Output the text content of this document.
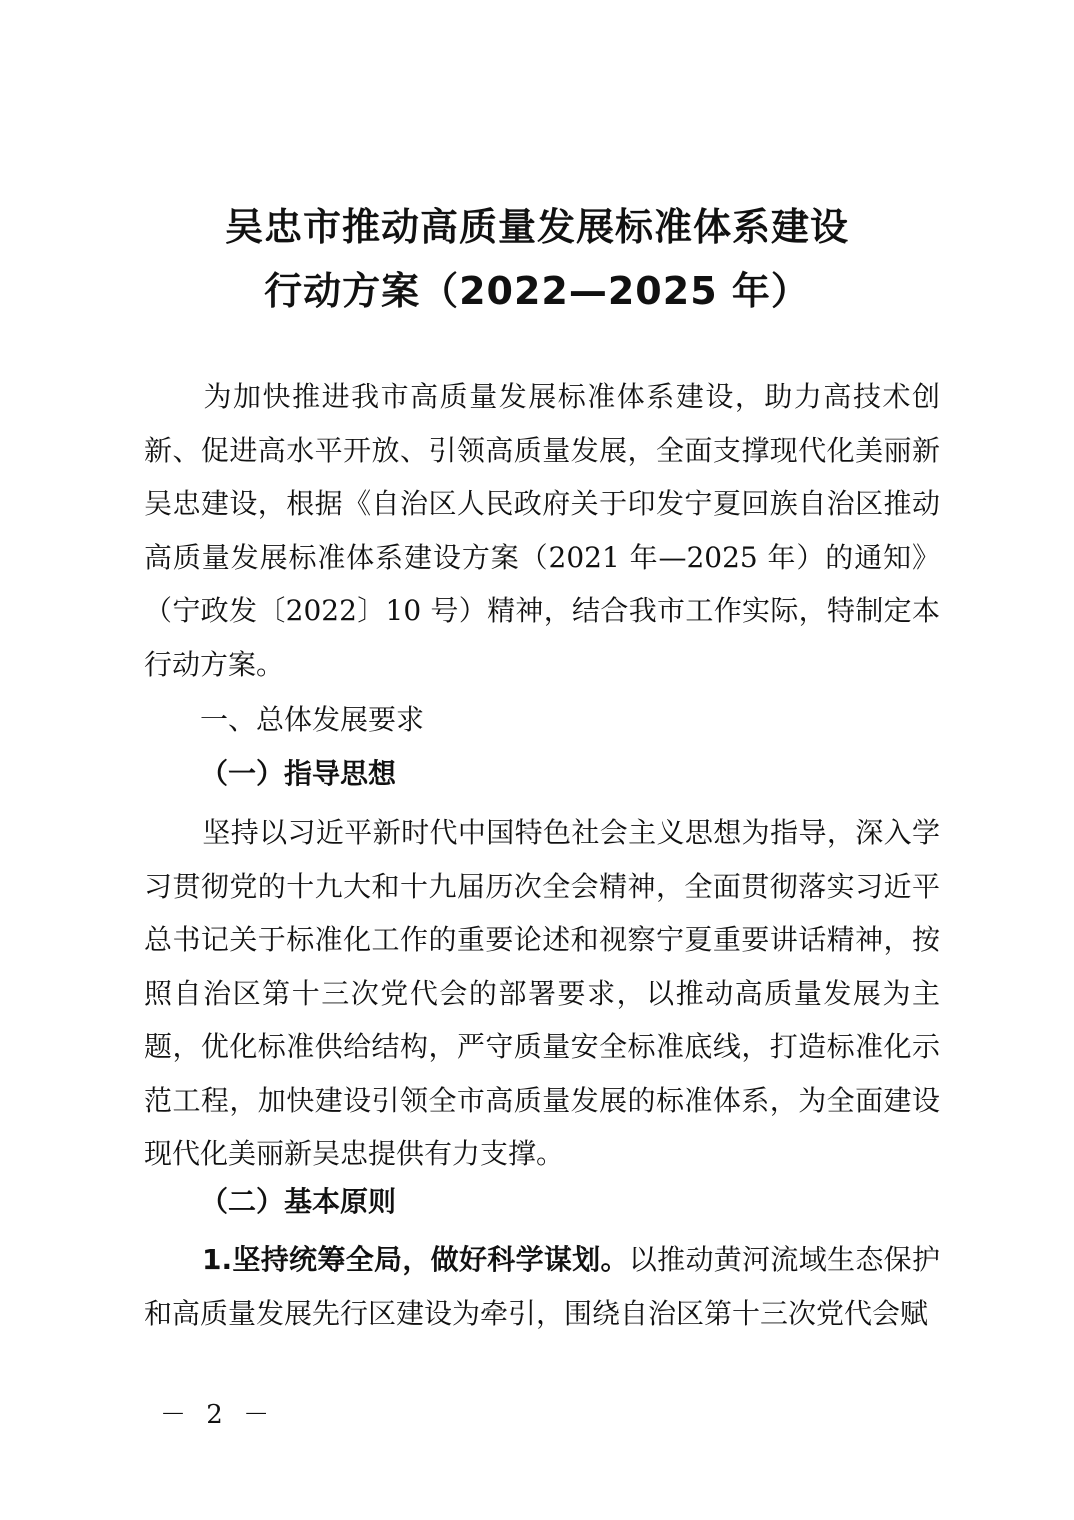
吴忠市推动高质量发展标准体系建设
行动方案（2022—2025 年）

为加快推进我市高质量发展标准体系建设，助力高技术创新、促进高水平开放、引领高质量发展，全面支撑现代化美丽新吴忠建设，根据《自治区人民政府关于印发宁夏回族自治区推动高质量发展标准体系建设方案（2021 年—2025 年）的通知》（宁政发〔2022〕10 号）精神，结合我市工作实际，特制定本行动方案。

一、总体发展要求
（一）指导思想

坚持以习近平新时代中国特色社会主义思想为指导，深入学习贯彻党的十九大和十九届历次全会精神，全面贯彻落实习近平总书记关于标准化工作的重要论述和视察宁夏重要讲话精神，按照自治区第十三次党代会的部署要求，以推动高质量发展为主题，优化标准供给结构，严守质量安全标准底线，打造标准化示范工程，加快建设引领全市高质量发展的标准体系，为全面建设现代化美丽新吴忠提供有力支撑。

（二）基本原则

1.坚持统筹全局，做好科学谋划。以推动黄河流域生态保护和高质量发展先行区建设为牵引，围绕自治区第十三次党代会赋

－ 2 －
